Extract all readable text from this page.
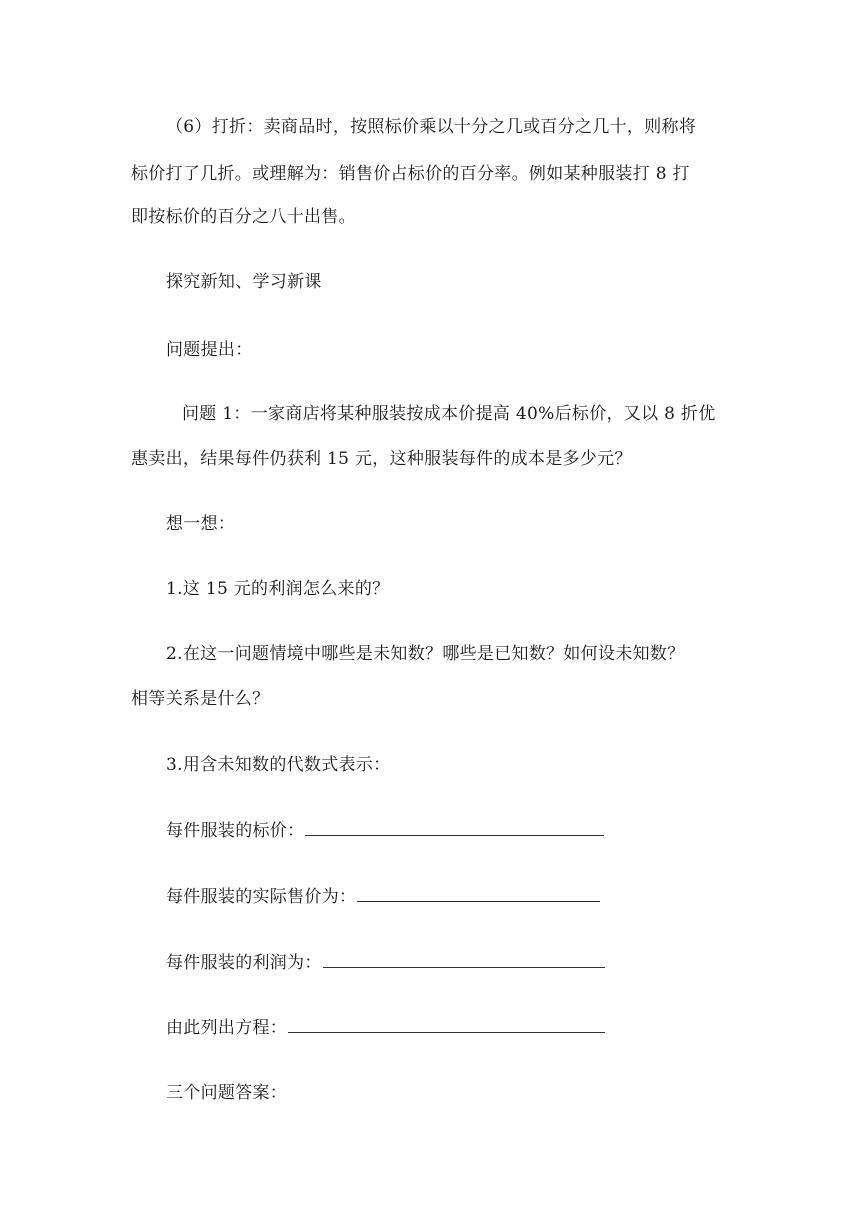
（6）打折：卖商品时，按照标价乘以十分之几或百分之几十，则称将
标价打了几折。或理解为：销售价占标价的百分率。例如某种服装打 8 打
即按标价的百分之八十出售。
探究新知、学习新课
问题提出：
问题 1：一家商店将某种服装按成本价提高 40%后标价，又以 8 折优
惠卖出，结果每件仍获利 15 元，这种服装每件的成本是多少元？
想一想：
1.这 15 元的利润怎么来的？
2.在这一问题情境中哪些是未知数？哪些是已知数？如何设未知数？
相等关系是什么？
3.用含未知数的代数式表示：
每件服装的标价：
每件服装的实际售价为：
每件服装的利润为：
由此列出方程：
三个问题答案：
